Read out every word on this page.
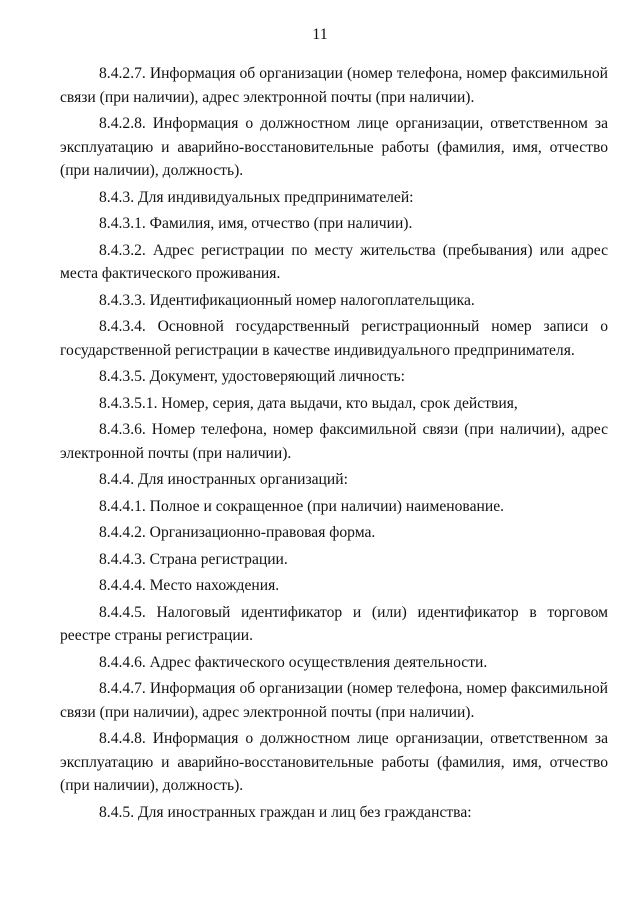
11

8.4.2.7. Информация об организации (номер телефона, номер факсимильной связи (при наличии), адрес электронной почты (при наличии).

8.4.2.8. Информация о должностном лице организации, ответственном за эксплуатацию и аварийно-восстановительные работы (фамилия, имя, отчество (при наличии), должность).

8.4.3. Для индивидуальных предпринимателей:

8.4.3.1. Фамилия, имя, отчество (при наличии).

8.4.3.2. Адрес регистрации по месту жительства (пребывания) или адрес места фактического проживания.

8.4.3.3. Идентификационный номер налогоплательщика.

8.4.3.4. Основной государственный регистрационный номер записи о государственной регистрации в качестве индивидуального предпринимателя.

8.4.3.5. Документ, удостоверяющий личность:

8.4.3.5.1. Номер, серия, дата выдачи, кто выдал, срок действия,

8.4.3.6. Номер телефона, номер факсимильной связи (при наличии), адрес электронной почты (при наличии).

8.4.4. Для иностранных организаций:

8.4.4.1. Полное и сокращенное (при наличии) наименование.

8.4.4.2. Организационно-правовая форма.

8.4.4.3. Страна регистрации.

8.4.4.4. Место нахождения.

8.4.4.5. Налоговый идентификатор и (или) идентификатор в торговом реестре страны регистрации.

8.4.4.6. Адрес фактического осуществления деятельности.

8.4.4.7. Информация об организации (номер телефона, номер факсимильной связи (при наличии), адрес электронной почты (при наличии).

8.4.4.8. Информация о должностном лице организации, ответственном за эксплуатацию и аварийно-восстановительные работы (фамилия, имя, отчество (при наличии), должность).

8.4.5. Для иностранных граждан и лиц без гражданства:
